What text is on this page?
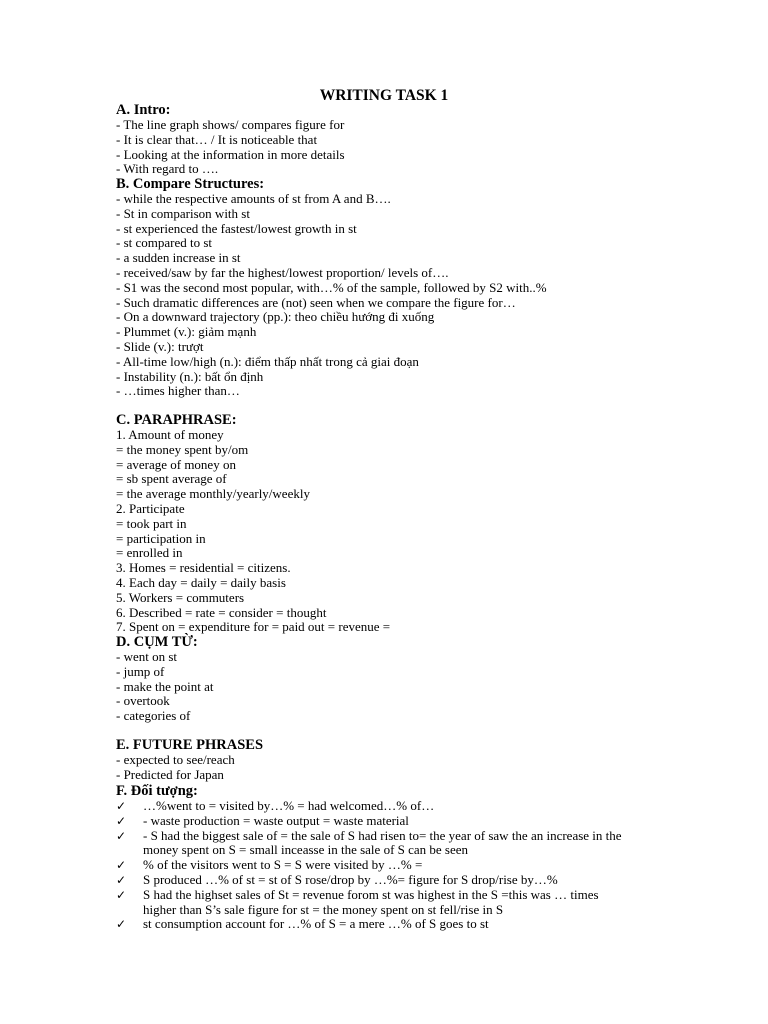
WRITING TASK 1
A. Intro:
- The line graph shows/ compares figure for
- It is clear that… / It is noticeable that
- Looking at the information in more details
- With regard to ….
B. Compare Structures:
- while the respective amounts of st from A and B….
- St in comparison with st
- st experienced the fastest/lowest growth in st
- st compared to st
- a sudden increase in st
- received/saw by far the highest/lowest proportion/ levels of….
- S1 was the second most popular, with…% of the sample, followed by S2 with..%
- Such dramatic differences are (not) seen when we compare the figure for…
- On a downward trajectory (pp.): theo chiều hướng đi xuống
- Plummet (v.): giảm mạnh
- Slide (v.): trượt
- All-time low/high (n.): điểm thấp nhất trong cả giai đoạn
- Instability (n.): bất ổn định
- …times higher than…
C. PARAPHRASE:
1. Amount of money
= the money spent by/om
= average of money on
= sb spent average of
= the average monthly/yearly/weekly
2. Participate
= took part in
= participation in
= enrolled in
3. Homes = residential = citizens.
4. Each day = daily = daily basis
5. Workers = commuters
6. Described = rate = consider = thought
7. Spent on = expenditure for = paid out = revenue =
D. CỤM TỪ:
- went on st
- jump of
- make the point at
- overtook
- categories of
E. FUTURE PHRASES
- expected to see/reach
- Predicted for Japan
F. Đối tượng:
✓ …%went to = visited by…% = had welcomed…% of…
✓ - waste production = waste output = waste material
✓ - S had the biggest sale of = the sale of S had risen to= the year of saw the an increase in the
money spent on S = small inceasse in the sale of S can be seen
✓ % of the visitors went to S = S were visited by …% =
✓ S produced …% of st = st of S rose/drop by …%= figure for S drop/rise by…%
✓ S had the highset sales of St = revenue forom st was highest in the S =this was … times
higher than S’s sale figure for st = the money spent on st fell/rise in S
✓ st consumption account for …% of S = a mere …% of S goes to st
